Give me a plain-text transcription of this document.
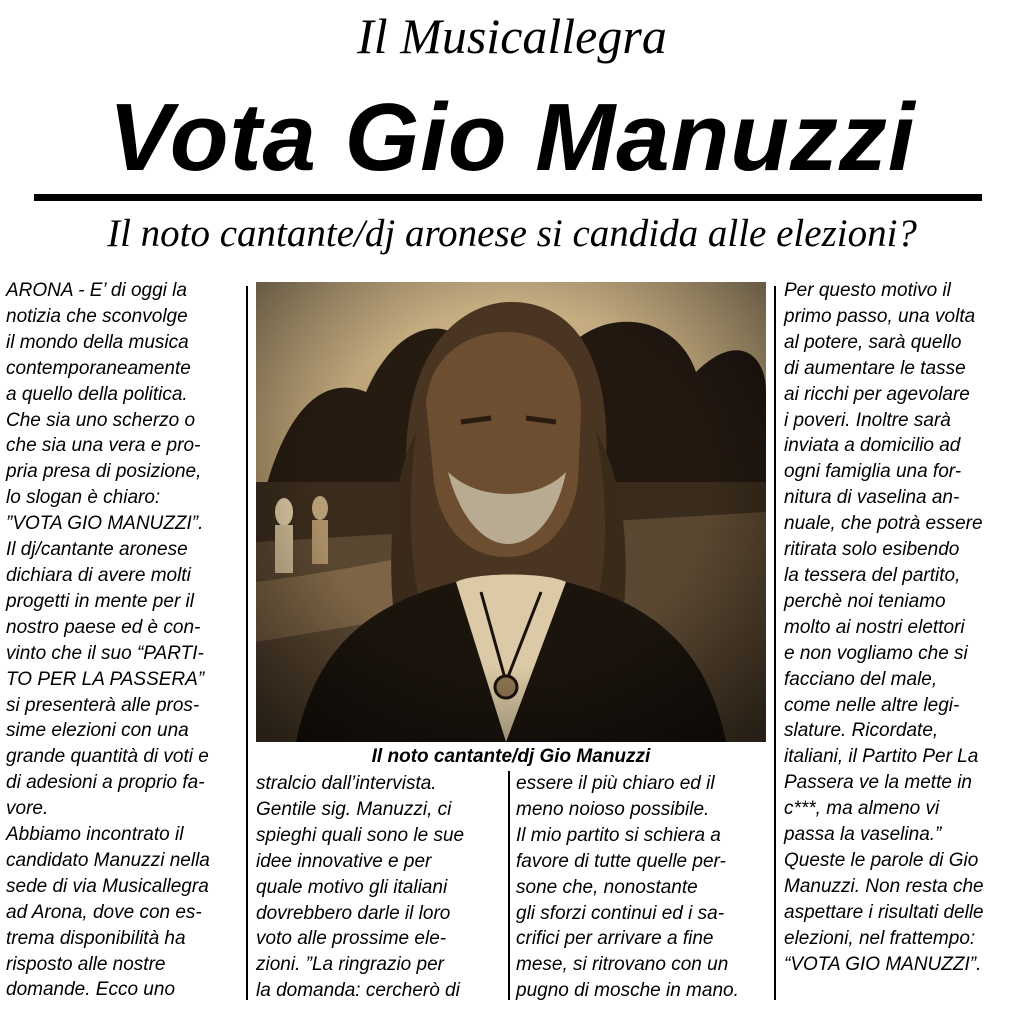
Il Musicallegra
Vota Gio Manuzzi
Il noto cantante/dj aronese si candida alle elezioni?
ARONA - E’ di oggi la
notizia che sconvolge
il mondo della musica
contemporaneamente
a quello della politica.
Che sia uno scherzo o
che sia una vera e pro-
pria presa di posizione,
lo slogan è chiaro:
”VOTA GIO MANUZZI”.
Il dj/cantante aronese
dichiara di avere molti
progetti in mente per il
nostro paese ed è con-
vinto che il suo “PARTI-
TO PER LA PASSERA”
si presenterà alle pros-
sime elezioni con una
grande quantità di voti e
di adesioni a proprio fa-
vore.
Abbiamo incontrato il
candidato Manuzzi nella
sede di via Musicallegra
ad Arona, dove con es-
trema disponibilità ha
risposto alle nostre
domande. Ecco uno
Il noto cantante/dj Gio Manuzzi
stralcio dall’intervista.
Gentile sig. Manuzzi, ci
spieghi quali sono le sue
idee innovative e per
quale motivo gli italiani
dovrebbero darle il loro
voto alle prossime ele-
zioni. ”La ringrazio per
la domanda: cercherò di
essere il più chiaro ed il
meno noioso possibile.
Il mio partito si schiera a
favore di tutte quelle per-
sone che, nonostante
gli sforzi continui ed i sa-
crifici per arrivare a fine
mese, si ritrovano con un
pugno di mosche in mano.
Per questo motivo il
primo passo, una volta
al potere, sarà quello
di aumentare le tasse
ai ricchi per agevolare
i poveri. Inoltre sarà
inviata a domicilio ad
ogni famiglia una for-
nitura di vaselina an-
nuale, che potrà essere
ritirata solo esibendo
la tessera del partito,
perchè noi teniamo
molto ai nostri elettori
e non vogliamo che si
facciano del male,
come nelle altre legi-
slature. Ricordate,
italiani, il Partito Per La
Passera ve la mette in
c***, ma almeno vi
passa la vaselina.”
Queste le parole di Gio
Manuzzi. Non resta che
aspettare i risultati delle
elezioni, nel frattempo:
“VOTA GIO MANUZZI”.
